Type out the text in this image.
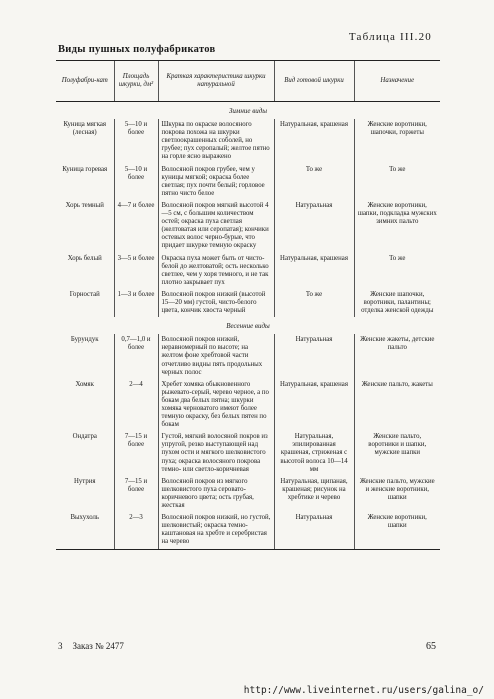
Таблица III.20
Виды пушных полуфабрикатов
Полуфабри-кат	Площадь шкурки, дм²	Краткая характеристика шкурки натуральной	Вид готовой шкурки	Назначение
Зимние виды				
Куница мягкая (лесная)	5—10 и более	Шкурка по окраске волосяного покрова похожа на шкурки светлоокрашенных соболей, но грубее; пух серопалый; желтое пятно на горле ясно выражено	Натуральная, крашеная	Женские воротники, шапочки, горжеты
Куница горевая	5—10 и более	Волосяной покров грубее, чем у куницы мягкой; окраска более светлая; пух почти белый; горловое пятно чисто белое	То же	То же
Хорь темный	4—7 и более	Волосяной покров мягкий высотой 4—5 см, с большим количеством остей; окраска пуха светлая (желтоватая или серопатая); кончики остевых волос черно-бурые, что придает шкурке темную окраску	Натуральная	Женские воротники, шапки, подкладка мужских зимних пальто
Хорь белый	3—5 и более	Окраска пуха может быть от чисто-белой до желтоватой; ость несколько светлее, чем у хоря темного, и не так плотно закрывает пух	Натуральная, крашеная	То же
Горностай	1—3 и более	Волосяной покров низкий (высотой 15—20 мм) густой, чисто-белого цвета, кончик хвоста черный	То же	Женские шапочки, воротники, палантины; отделка женской одежды
Весенние виды				
Бурундук	0,7—1,0 и более	Волосяной покров низкий, неравномерный по высоте; на желтом фоне хребтовой части отчетливо видны пять продольных черных полос	Натуральная	Женские жакеты, детские пальто
Хомяк	2—4	Хребет хомяка обыкновенного рыжевато-серый, черево черное, а по бокам два белых пятна; шкурки хомяка черноватого имеют более темную окраску, без белых пятен по бокам	Натуральная, крашеная	Женские пальто, жакеты
Ондатра	7—15 и более	Густой, мягкий волосяной покров из упругой, резко выступающей над пухом ости и мягкого шелковистого пуха; окраска волосяного покрова темно- или светло-коричневая	Натуральная, эпилированная крашеная, стриженая с высотой волоса 10—14 мм	Женские пальто, воротники и шапки, мужские шапки
Нутрия	7—15 и более	Волосяной покров из мягкого шелковистого пуха серовато-коричневого цвета; ость грубая, жесткая	Натуральная, щипаная, крашеная; рисунок на хребтике и черево	Женские пальто, мужские и женские воротники, шапки
Выхухоль	2—3	Волосяной покров низкий, но густой, шелковистый; окраска темно-каштановая на хребте и серебристая на черево	Натуральная	Женские воротники, шапки
3 Заказ № 2477	65
http://www.liveinternet.ru/users/galina_o/
